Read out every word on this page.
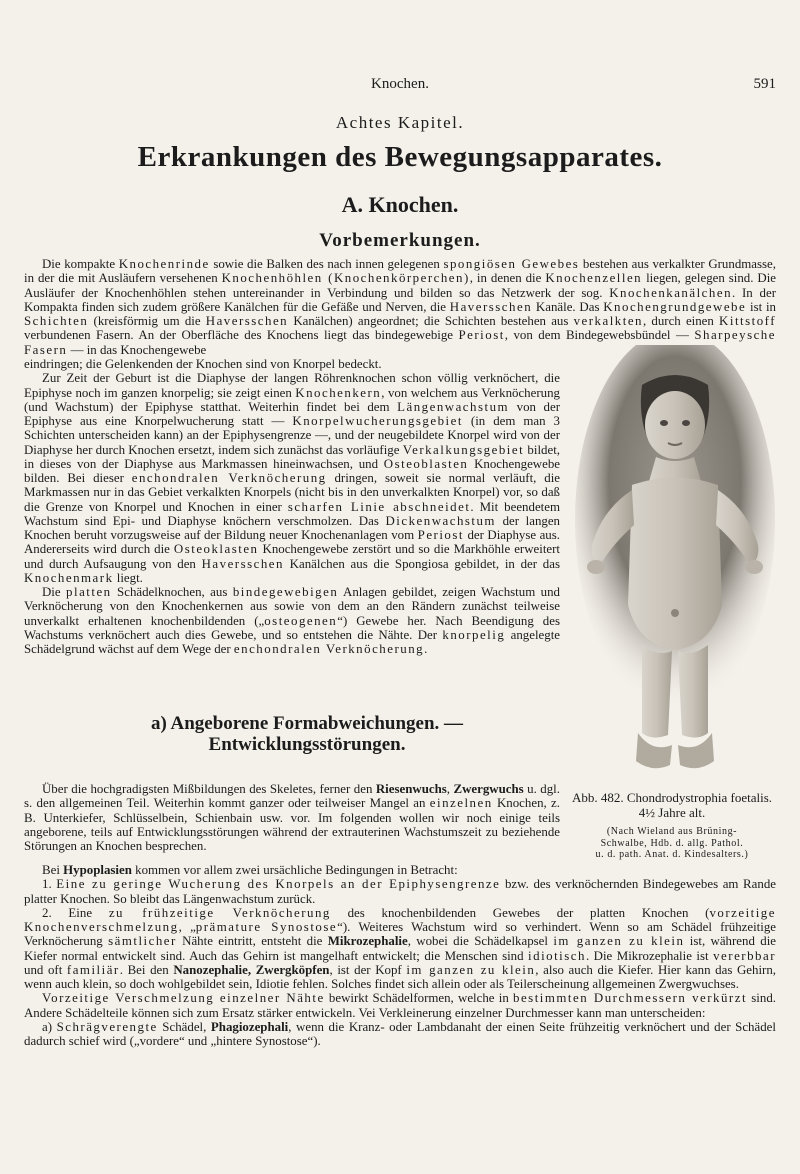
Knochen.	591
Achtes Kapitel.
Erkrankungen des Bewegungsapparates.
A. Knochen.
Vorbemerkungen.

Die kompakte Knochenrinde sowie die Balken des nach innen gelegenen spongiösen Gewebes bestehen aus verkalkter Grundmasse, in der die mit Ausläufern versehenen Knochenhöhlen (Knochenkörperchen), in denen die Knochenzellen liegen, gelegen sind. Die Ausläufer der Knochenhöhlen stehen untereinander in Verbindung und bilden so das Netzwerk der sog. Knochenkanälchen. In der Kompakta finden sich zudem größere Kanälchen für die Gefäße und Nerven, die Haversschen Kanäle. Das Knochengrundgewebe ist in Schichten (kreisförmig um die Haversschen Kanälchen) angeordnet; die Schichten bestehen aus verkalkten, durch einen Kittstoff verbundenen Fasern. An der Oberfläche des Knochens liegt das bindegewebige Periost, von dem Bindegewebsbündel — Sharpeysche Fasern — in das Knochengewebe

eindringen; die Gelenkenden der Knochen sind von Knorpel bedeckt.

Zur Zeit der Geburt ist die Diaphyse der langen Röhrenknochen schon völlig verknöchert, die Epiphyse noch im ganzen knorpelig; sie zeigt einen Knochenkern, von welchem aus Verknöcherung (und Wachstum) der Epiphyse statthat. Weiterhin findet bei dem Längenwachstum von der Epiphyse aus eine Knorpelwucherung statt — Knorpelwucherungsgebiet (in dem man 3 Schichten unterscheiden kann) an der Epiphysengrenze —, und der neugebildete Knorpel wird von der Diaphyse her durch Knochen ersetzt, indem sich zunächst das vorläufige Verkalkungsgebiet bildet, in dieses von der Diaphyse aus Markmassen hineinwachsen, und Osteoblasten Knochengewebe bilden. Bei dieser enchondralen Verknöcherung dringen, soweit sie normal verläuft, die Markmassen nur in das Gebiet verkalkten Knorpels (nicht bis in den unverkalkten Knorpel) vor, so daß die Grenze von Knorpel und Knochen in einer scharfen Linie abschneidet. Mit beendetem Wachstum sind Epi- und Diaphyse knöchern verschmolzen. Das Dickenwachstum der langen Knochen beruht vorzugsweise auf der Bildung neuer Knochenanlagen vom Periost der Diaphyse aus. Andererseits wird durch die Osteoklasten Knochengewebe zerstört und so die Markhöhle erweitert und durch Aufsaugung von den Haversschen Kanälchen aus die Spongiosa gebildet, in der das Knochenmark liegt.

Die platten Schädelknochen, aus bindegewebigen Anlagen gebildet, zeigen Wachstum und Verknöcherung von den Knochenkernen aus sowie von dem an den Rändern zunächst teilweise unverkalkt erhaltenen knochenbildenden („osteogenen“) Gewebe her. Nach Beendigung des Wachstums verknöchert auch dies Gewebe, und so entstehen die Nähte. Der knorpelig angelegte Schädelgrund wächst auf dem Wege der enchondralen Verknöcherung.

a) Angeborene Formabweichungen. — Entwicklungsstörungen.

Über die hochgradigsten Mißbildungen des Skeletes, ferner den Riesenwuchs, Zwergwuchs u. dgl. s. den allgemeinen Teil. Weiterhin kommt ganzer oder teilweiser Mangel an einzelnen Knochen, z. B. Unterkiefer, Schlüsselbein, Schienbain usw. vor. Im folgenden wollen wir noch einige teils angeborene, teils auf Entwicklungsstörungen während der extrauterinen Wachstumszeit zu beziehende Störungen an Knochen besprechen.

Bei Hypoplasien kommen vor allem zwei ursächliche Bedingungen in Betracht:

1. Eine zu geringe Wucherung des Knorpels an der Epiphysengrenze bzw. des verknöchernden Bindegewebes am Rande platter Knochen. So bleibt das Längenwachstum zurück.

2. Eine zu frühzeitige Verknöcherung des knochenbildenden Gewebes der platten Knochen (vorzeitige Knochenverschmelzung, „prämature Synostose“). Weiteres Wachstum wird so verhindert. Wenn so am Schädel frühzeitige Verknöcherung sämtlicher Nähte eintritt, entsteht die Mikrozephalie, wobei die Schädelkapsel im ganzen zu klein ist, während die Kiefer normal entwickelt sind. Auch das Gehirn ist mangelhaft entwickelt; die Menschen sind idiotisch. Die Mikrozephalie ist vererbbar und oft familiär. Bei den Nanozephalie, Zwergköpfen, ist der Kopf im ganzen zu klein, also auch die Kiefer. Hier kann das Gehirn, wenn auch klein, so doch wohlgebildet sein, Idiotie fehlen. Solches findet sich allein oder als Teilerscheinung allgemeinen Zwergwuchses.

Vorzeitige Verschmelzung einzelner Nähte bewirkt Schädelformen, welche in bestimmten Durchmessern verkürzt sind. Andere Schädelteile können sich zum Ersatz stärker entwickeln. Vei Verkleinerung einzelner Durchmesser kann man unterscheiden:

a) Schrägverengte Schädel, Phagiozephali, wenn die Kranz- oder Lambdanaht der einen Seite frühzeitig verknöchert und der Schädel dadurch schief wird („vordere“ und „hintere Synostose“).

Abb. 482. Chondrodystrophia foetalis.
4½ Jahre alt.
(Nach Wieland aus Brüning-
Schwalbe, Hdb. d. allg. Pathol.
u. d. path. Anat. d. Kindesalters.)
